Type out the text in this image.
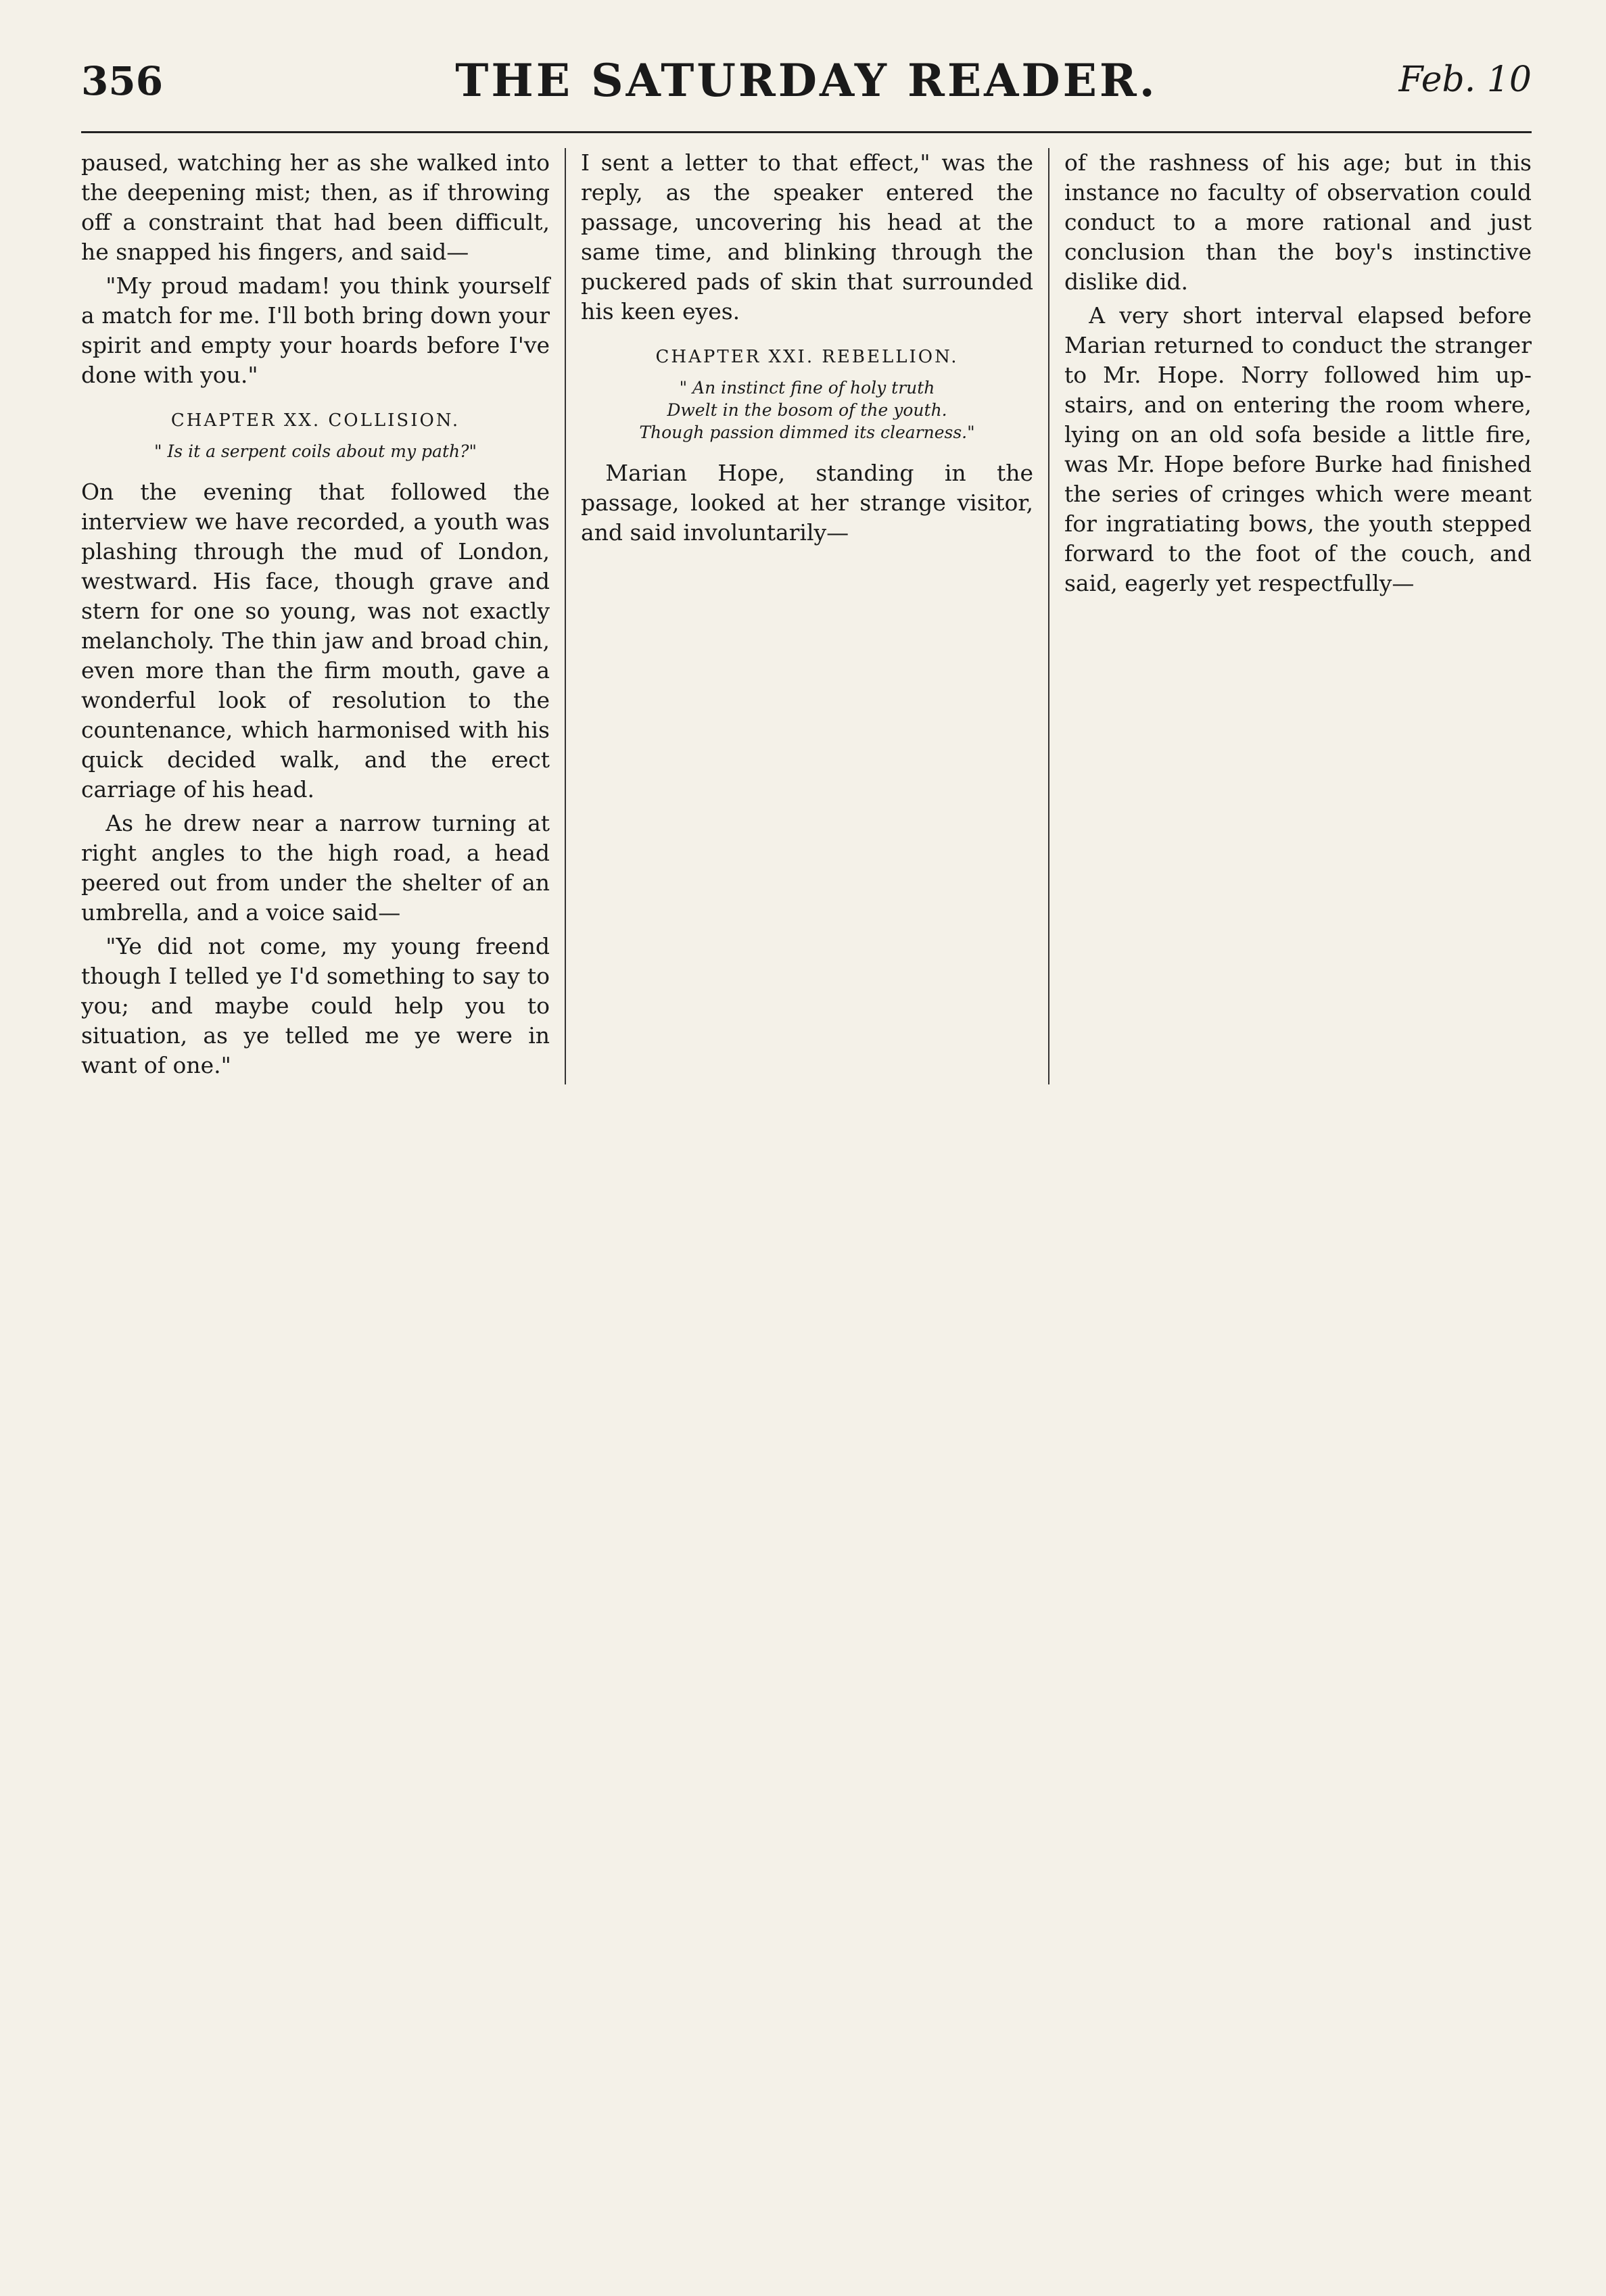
356	THE SATURDAY READER.	Feb. 10

paused, watching her as she walked into the deepening mist; then, as if throwing off a constraint that had been difficult, he snapped his fingers, and said—

"My proud madam! you think yourself a match for me. I'll both bring down your spirit and empty your hoards before I've done with you."

CHAPTER XX. COLLISION.
" Is it a serpent coils about my path?"

On the evening that followed the interview we have recorded, a youth was plashing through the mud of London, westward. His face, though grave and stern for one so young, was not exactly melancholy. The thin jaw and broad chin, even more than the firm mouth, gave a wonderful look of resolution to the countenance, which harmonised with his quick decided walk, and the erect carriage of his head.

As he drew near a narrow turning at right angles to the high road, a head peered out from under the shelter of an umbrella, and a voice said—

"Ye did not come, my young freend though I telled ye I'd something to say to you; and maybe could help you to situation, as ye telled me ye were in want of one."

I sent a letter to that effect," was the reply, as the speaker entered the passage, uncovering his head at the same time, and blinking through the puckered pads of skin that surrounded his keen eyes.

CHAPTER XXI. REBELLION.
" An instinct fine of holy truth
Dwelt in the bosom of the youth.
Though passion dimmed its clearness."

Marian Hope, standing in the passage, looked at her strange visitor, and said involuntarily—

of the rashness of his age; but in this instance no faculty of observation could conduct to a more rational and just conclusion than the boy's instinctive dislike did.

A very short interval elapsed before Marian returned to conduct the stranger to Mr. Hope. Norry followed him up-stairs, and on entering the room where, lying on an old sofa beside a little fire, was Mr. Hope before Burke had finished the series of cringes which were meant for ingratiating bows, the youth stepped forward to the foot of the couch, and said, eagerly yet respectfully—
